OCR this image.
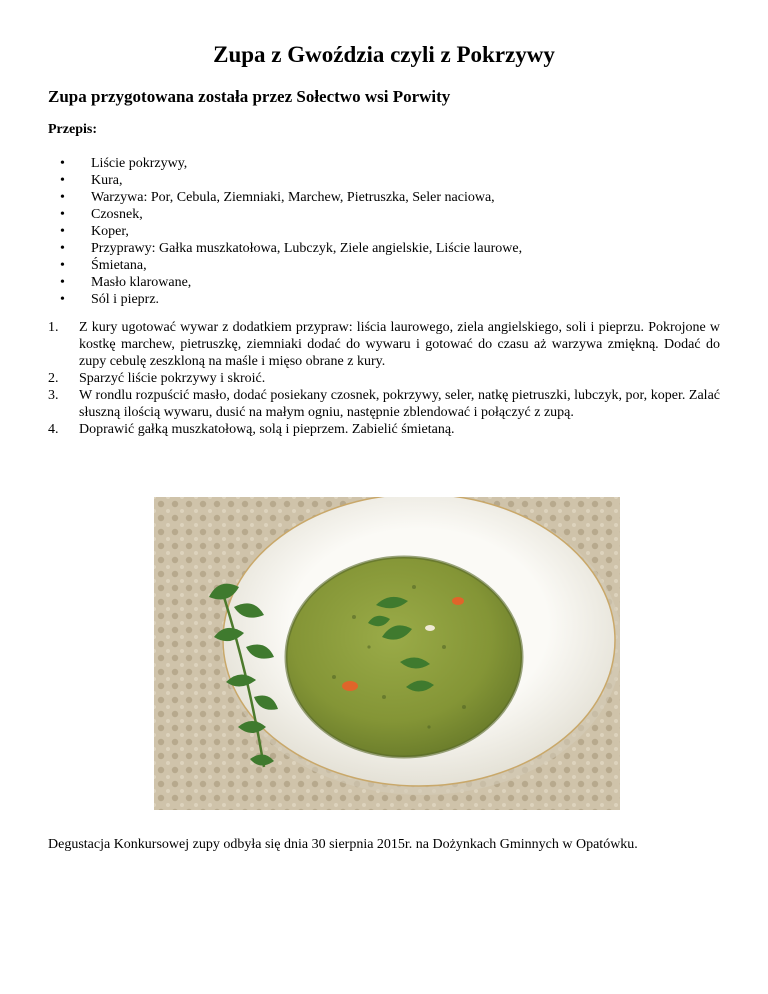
Zupa z Gwoździa czyli z Pokrzywy
Zupa przygotowana została przez Sołectwo wsi Porwity

Przepis:

• Liście pokrzywy,
• Kura,
• Warzywa: Por, Cebula, Ziemniaki, Marchew, Pietruszka, Seler naciowa,
• Czosnek,
• Koper,
• Przyprawy: Gałka muszkatołowa, Lubczyk, Ziele angielskie, Liście laurowe,
• Śmietana,
• Masło klarowane,
• Sól i pieprz.
1. Z kury ugotować wywar z dodatkiem przypraw: liścia laurowego, ziela angielskiego, soli i pieprzu. Pokrojone w kostkę marchew, pietruszkę, ziemniaki dodać do wywaru i gotować do czasu aż warzywa zmiękną. Dodać do zupy cebulę zeszkloną na maśle i mięso obrane z kury.
2. Sparzyć liście pokrzywy i skroić.
3. W rondlu rozpuścić masło, dodać posiekany czosnek, pokrzywy, seler, natkę pietruszki, lubczyk, por, koper. Zalać słuszną ilością wywaru, dusić na małym ogniu, następnie zblendować i połączyć z zupą.
4. Doprawić gałką muszkatołową, solą i pieprzem. Zabielić śmietaną.

Degustacja Konkursowej zupy odbyła się dnia 30 sierpnia 2015r. na Dożynkach Gminnych w Opatówku.
